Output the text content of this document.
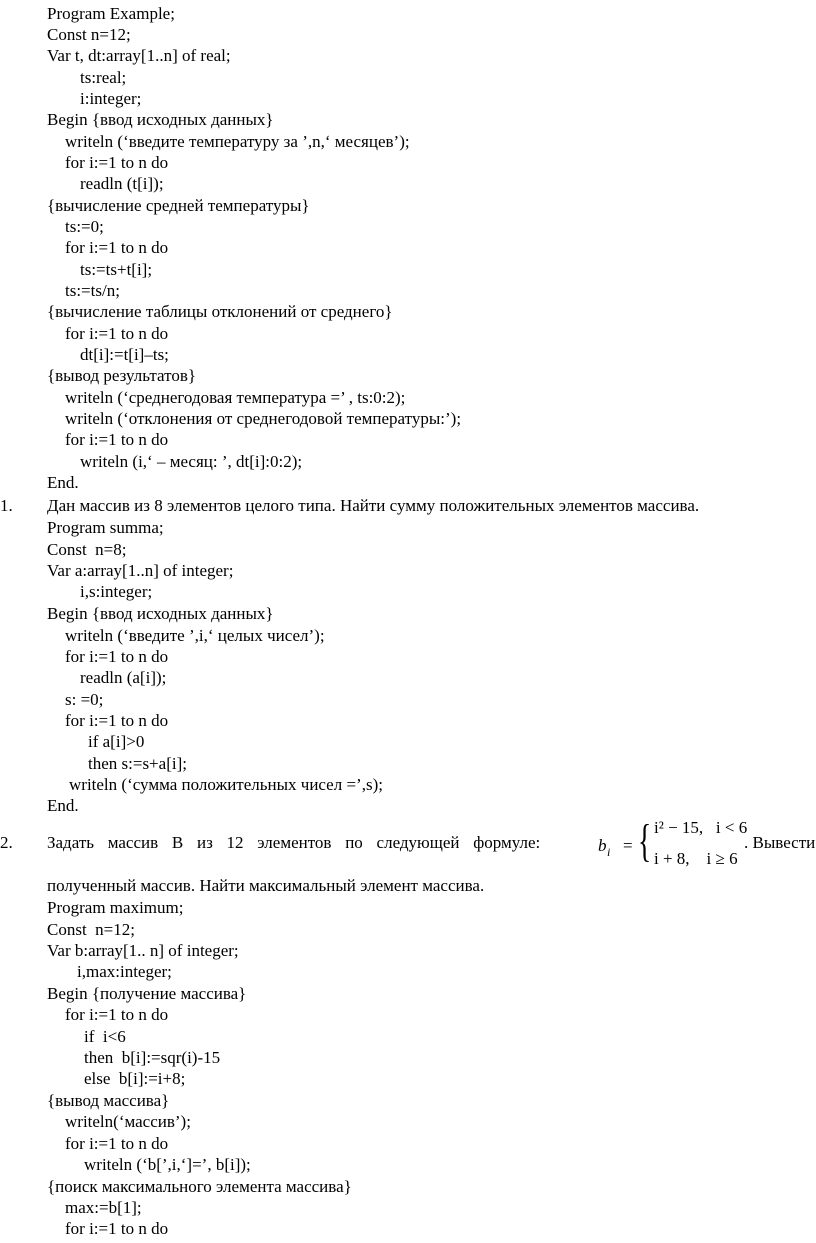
Program Example;
Const n=12;
Var t, dt:array[1..n] of real;
ts:real;
i:integer;
Begin {ввод исходных данных}
writeln (‘введите температуру за ’,n,‘ месяцев’);
for i:=1 to n do
readln (t[i]);
{вычисление средней температуры}
ts:=0;
for i:=1 to n do
ts:=ts+t[i];
ts:=ts/n;
{вычисление таблицы отклонений от среднего}
for i:=1 to n do
dt[i]:=t[i]–ts;
{вывод результатов}
writeln (‘среднегодовая температура =’ , ts:0:2);
writeln (‘отклонения от среднегодовой температуры:’);
for i:=1 to n do
writeln (i,‘ – месяц: ’, dt[i]:0:2);
End.
1. Дан массив из 8 элементов целого типа. Найти сумму положительных элементов массива.
Program summa;
Const  n=8;
Var a:array[1..n] of integer;
i,s:integer;
Begin {ввод исходных данных}
writeln (‘введите ’,i,‘ целых чисел’);
for i:=1 to n do
readln (a[i]);
s: =0;
for i:=1 to n do
if a[i]>0
then s:=s+a[i];
writeln (‘сумма положительных чисел =’,s);
End.
2. Задать массив В из 12 элементов по следующей формуле:	b i = { i² − 15,   i < 6
i + 8,    i ≥ 6
. Вывести
полученный массив. Найти максимальный элемент массива.
Program maximum;
Const  n=12;
Var b:array[1.. n] of integer;
i,max:integer;
Begin {получение массива}
for i:=1 to n do
if  i<6
then  b[i]:=sqr(i)-15
else  b[i]:=i+8;
{вывод массива}
writeln(‘массив’);
for i:=1 to n do
writeln (‘b[’,i,‘]=’, b[i]);
{поиск максимального элемента массива}
max:=b[1];
for i:=1 to n do
